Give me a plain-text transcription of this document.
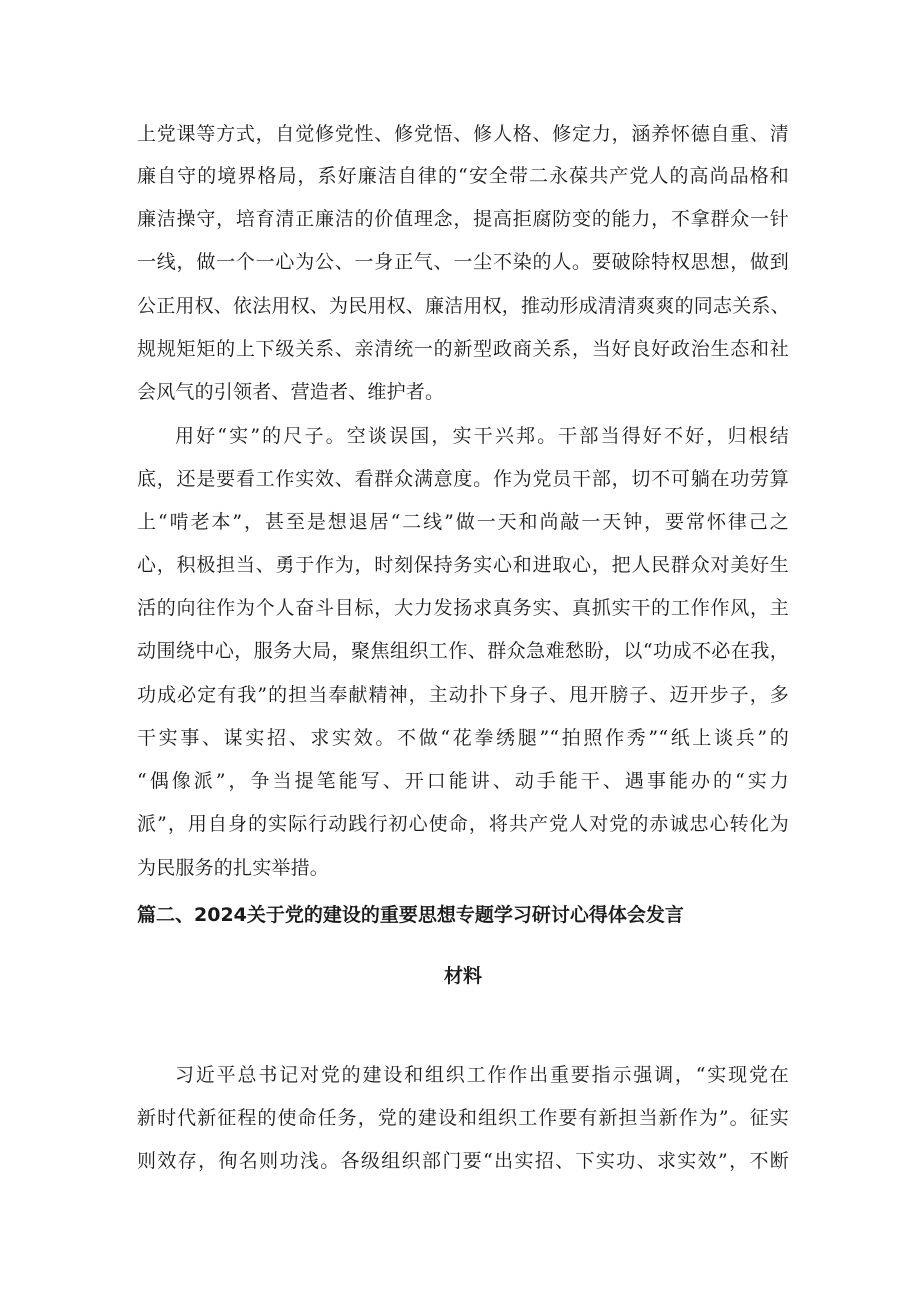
上党课等方式，自觉修党性、修党悟、修人格、修定力，涵养怀德自重、清
廉自守的境界格局，系好廉洁自律的“安全带二永葆共产党人的高尚品格和
廉洁操守，培育清正廉洁的价值理念，提高拒腐防变的能力，不拿群众一针
一线，做一个一心为公、一身正气、一尘不染的人。要破除特权思想，做到
公正用权、依法用权、为民用权、廉洁用权，推动形成清清爽爽的同志关系、
规规矩矩的上下级关系、亲清统一的新型政商关系，当好良好政治生态和社
会风气的引领者、营造者、维护者。
用好“实”的尺子。空谈误国，实干兴邦。干部当得好不好，归根结
底，还是要看工作实效、看群众满意度。作为党员干部，切不可躺在功劳算
上“啃老本”，甚至是想退居“二线”做一天和尚敲一天钟，要常怀律己之
心，积极担当、勇于作为，时刻保持务实心和进取心，把人民群众对美好生
活的向往作为个人奋斗目标，大力发扬求真务实、真抓实干的工作作风，主
动围绕中心，服务大局，聚焦组织工作、群众急难愁盼，以“功成不必在我，
功成必定有我”的担当奉献精神，主动扑下身子、甩开膀子、迈开步子，多
干实事、谋实招、求实效。不做“花拳绣腿”“拍照作秀”“纸上谈兵”的
“偶像派”，争当提笔能写、开口能讲、动手能干、遇事能办的“实力
派”，用自身的实际行动践行初心使命，将共产党人对党的赤诚忠心转化为
为民服务的扎实举措。
篇二、2024关于党的建设的重要思想专题学习研讨心得体会发言
材料
习近平总书记对党的建设和组织工作作出重要指示强调，“实现党在
新时代新征程的使命任务，党的建设和组织工作要有新担当新作为”。征实
则效存，徇名则功浅。各级组织部门要“出实招、下实功、求实效”，不断
